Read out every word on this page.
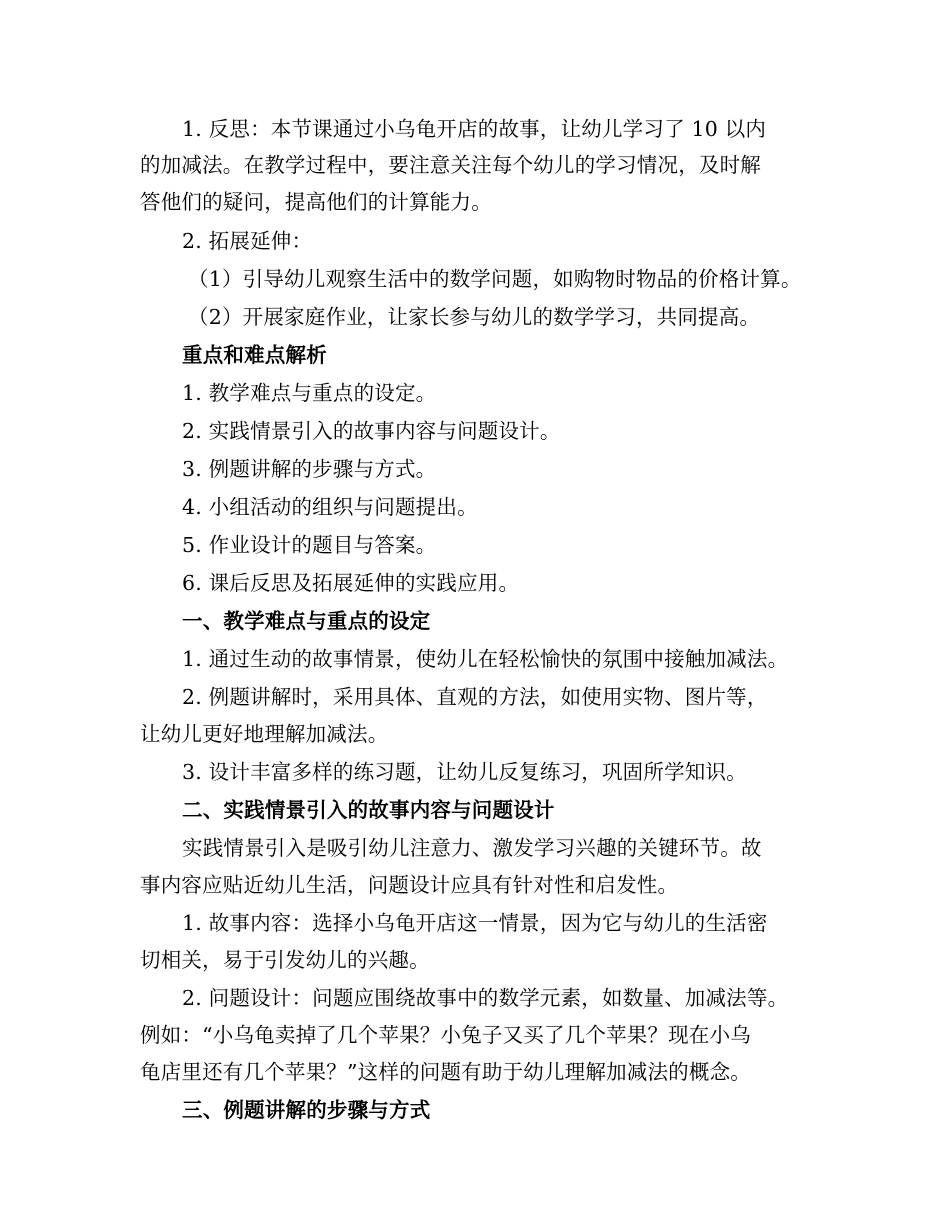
1. 反思：本节课通过小乌龟开店的故事，让幼儿学习了 10 以内
的加减法。在教学过程中，要注意关注每个幼儿的学习情况，及时解
答他们的疑问，提高他们的计算能力。
2. 拓展延伸：
（1）引导幼儿观察生活中的数学问题，如购物时物品的价格计算。
（2）开展家庭作业，让家长参与幼儿的数学学习，共同提高。
重点和难点解析
1. 教学难点与重点的设定。
2. 实践情景引入的故事内容与问题设计。
3. 例题讲解的步骤与方式。
4. 小组活动的组织与问题提出。
5. 作业设计的题目与答案。
6. 课后反思及拓展延伸的实践应用。
一、教学难点与重点的设定
1. 通过生动的故事情景，使幼儿在轻松愉快的氛围中接触加减法。
2. 例题讲解时，采用具体、直观的方法，如使用实物、图片等，
让幼儿更好地理解加减法。
3. 设计丰富多样的练习题，让幼儿反复练习，巩固所学知识。
二、实践情景引入的故事内容与问题设计
实践情景引入是吸引幼儿注意力、激发学习兴趣的关键环节。故
事内容应贴近幼儿生活，问题设计应具有针对性和启发性。
1. 故事内容：选择小乌龟开店这一情景，因为它与幼儿的生活密
切相关，易于引发幼儿的兴趣。
2. 问题设计：问题应围绕故事中的数学元素，如数量、加减法等。
例如：“小乌龟卖掉了几个苹果？小兔子又买了几个苹果？现在小乌
龟店里还有几个苹果？”这样的问题有助于幼儿理解加减法的概念。
三、例题讲解的步骤与方式
